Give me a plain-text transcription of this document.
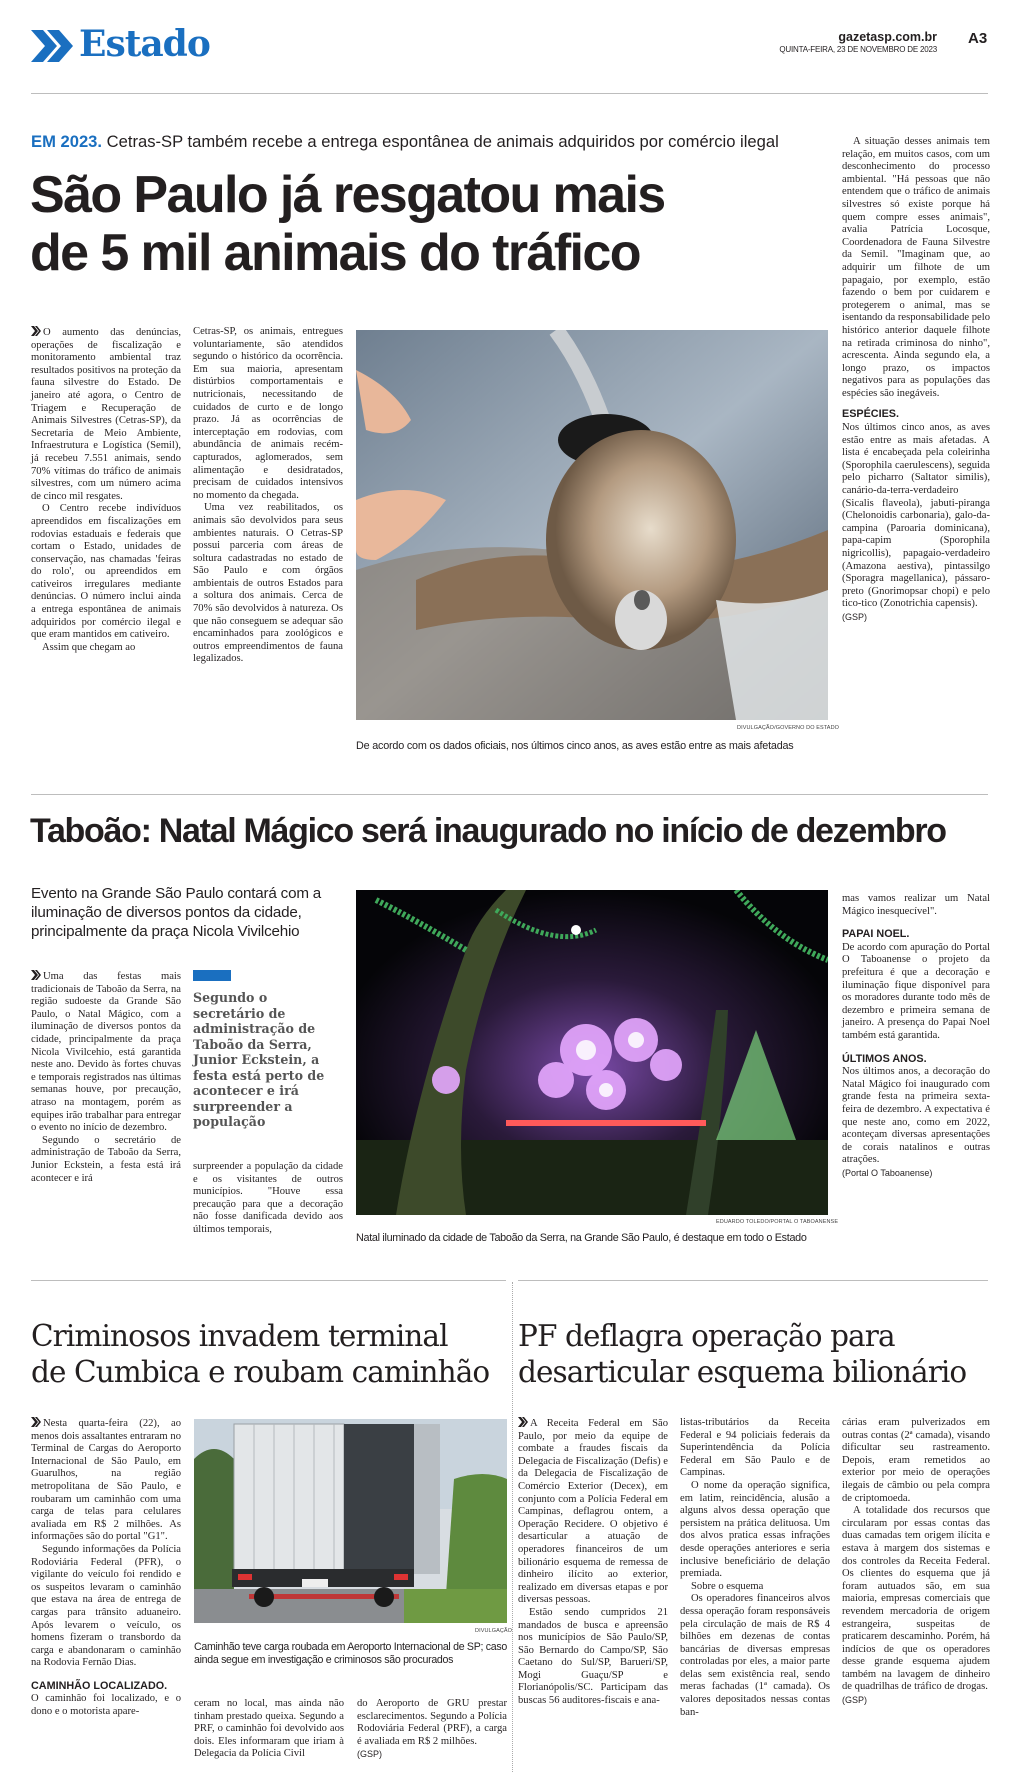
Estado	gazetasp.com.br
QUINTA-FEIRA, 23 DE NOVEMBRO DE 2023
A3
EM 2023. Cetras-SP também recebe a entrega espontânea de animais adquiridos por comércio ilegal
São Paulo já resgatou mais
de 5 mil animais do tráfico

O aumento das denúncias, operações de fiscalização e monitoramento ambiental traz resultados positivos na proteção da fauna silvestre do Estado. De janeiro até agora, o Centro de Triagem e Recuperação de Animais Silvestres (Cetras-SP), da Secretaria de Meio Ambiente, Infraestrutura e Logística (Semil), já recebeu 7.551 animais, sendo 70% vítimas do tráfico de animais silvestres, com um número acima de cinco mil resgates.

O Centro recebe indivíduos apreendidos em fiscalizações em rodovias estaduais e federais que cortam o Estado, unidades de conservação, nas chamadas 'feiras do rolo', ou apreendidos em cativeiros irregulares mediante denúncias. O número inclui ainda a entrega espontânea de animais adquiridos por comércio ilegal e que eram mantidos em cativeiro.

Assim que chegam ao

Cetras-SP, os animais, entregues voluntariamente, são atendidos segundo o histórico da ocorrência. Em sua maioria, apresentam distúrbios comportamentais e nutricionais, necessitando de cuidados de curto e de longo prazo. Já as ocorrências de interceptação em rodovias, com abundância de animais recém-capturados, aglomerados, sem alimentação e desidratados, precisam de cuidados intensivos no momento da chegada.

Uma vez reabilitados, os animais são devolvidos para seus ambientes naturais. O Cetras-SP possui parceria com áreas de soltura cadastradas no estado de São Paulo e com órgãos ambientais de outros Estados para a soltura dos animais. Cerca de 70% são devolvidos à natureza. Os que não conseguem se adequar são encaminhados para zoológicos e outros empreendimentos de fauna legalizados.

DIVULGAÇÃO/GOVERNO DO ESTADO
De acordo com os dados oficiais, nos últimos cinco anos, as aves estão entre as mais afetadas

A situação desses animais tem relação, em muitos casos, com um desconhecimento do processo ambiental. "Há pessoas que não entendem que o tráfico de animais silvestres só existe porque há quem compre esses animais", avalia Patrícia Locosque, Coordenadora de Fauna Silvestre da Semil. "Imaginam que, ao adquirir um filhote de um papagaio, por exemplo, estão fazendo o bem por cuidarem e protegerem o animal, mas se isentando da responsabilidade pelo histórico anterior daquele filhote na retirada criminosa do ninho", acrescenta. Ainda segundo ela, a longo prazo, os impactos negativos para as populações das espécies são inegáveis.

ESPÉCIES.

Nos últimos cinco anos, as aves estão entre as mais afetadas. A lista é encabeçada pela coleirinha (Sporophila caerulescens), seguida pelo picharro (Saltator similis), canário-da-terra-verdadeiro (Sicalis flaveola), jabuti-piranga (Chelonoidis carbonaria), galo-da-campina (Paroaria dominicana), papa-capim (Sporophila nigricollis), papagaio-verdadeiro (Amazona aestiva), pintassilgo (Sporagra magellanica), pássaro-preto (Gnorimopsar chopi) e pelo tico-tico (Zonotrichia capensis).

(GSP)

Taboão: Natal Mágico será inaugurado no início de dezembro
Evento na Grande São Paulo contará com a iluminação de diversos pontos da cidade, principalmente da praça Nicola Vivilcehio

Uma das festas mais tradicionais de Taboão da Serra, na região sudoeste da Grande São Paulo, o Natal Mágico, com a iluminação de diversos pontos da cidade, principalmente da praça Nicola Vivilcehio, está garantida neste ano. Devido às fortes chuvas e temporais registrados nas últimas semanas houve, por precaução, atraso na montagem, porém as equipes irão trabalhar para entregar o evento no início de dezembro.

Segundo o secretário de administração de Taboão da Serra, Junior Eckstein, a festa está irá acontecer e irá

Segundo o secretário de administração de Taboão da Serra, Junior Eckstein, a festa está perto de acontecer e irá surpreender a população

surpreender a população da cidade e os visitantes de outros municípios. "Houve essa precaução para que a decoração não fosse danificada devido aos últimos temporais,

EDUARDO TOLEDO/PORTAL O TABOANENSE
Natal iluminado da cidade de Taboão da Serra, na Grande São Paulo, é destaque em todo o Estado

mas vamos realizar um Natal Mágico inesquecível".

PAPAI NOEL.

De acordo com apuração do Portal O Taboanense o projeto da prefeitura é que a decoração e iluminação fique disponível para os moradores durante todo mês de dezembro e primeira semana de janeiro. A presença do Papai Noel também está garantida.

ÚLTIMOS ANOS.

Nos últimos anos, a decoração do Natal Mágico foi inaugurado com grande festa na primeira sexta-feira de dezembro. A expectativa é que neste ano, como em 2022, aconteçam diversas apresentações de corais natalinos e outras atrações.

(Portal O Taboanense)

Criminosos invadem terminal
de Cumbica e roubam caminhão

Nesta quarta-feira (22), ao menos dois assaltantes entraram no Terminal de Cargas do Aeroporto Internacional de São Paulo, em Guarulhos, na região metropolitana de São Paulo, e roubaram um caminhão com uma carga de telas para celulares avaliada em R$ 2 milhões. As informações são do portal "G1".

Segundo informações da Polícia Rodoviária Federal (PFR), o vigilante do veículo foi rendido e os suspeitos levaram o caminhão que estava na área de entrega de cargas para trânsito aduaneiro. Após levarem o veículo, os homens fizeram o transbordo da carga e abandonaram o caminhão na Rodovia Fernão Dias.

CAMINHÃO LOCALIZADO.

O caminhão foi localizado, e o dono e o motorista apare-

DIVULGAÇÃO
Caminhão teve carga roubada em Aeroporto Internacional de SP; caso ainda segue em investigação e criminosos são procurados

ceram no local, mas ainda não tinham prestado queixa. Segundo a PRF, o caminhão foi devolvido aos dois. Eles informaram que iriam à Delegacia da Polícia Civil

do Aeroporto de GRU prestar esclarecimentos. Segundo a Polícia Rodoviária Federal (PRF), a carga é avaliada em R$ 2 milhões.

(GSP)

PF deflagra operação para
desarticular esquema bilionário

A Receita Federal em São Paulo, por meio da equipe de combate a fraudes fiscais da Delegacia de Fiscalização (Defis) e da Delegacia de Fiscalização de Comércio Exterior (Decex), em conjunto com a Polícia Federal em Campinas, deflagrou ontem, a Operação Recidere. O objetivo é desarticular a atuação de operadores financeiros de um bilionário esquema de remessa de dinheiro ilícito ao exterior, realizado em diversas etapas e por diversas pessoas.

Estão sendo cumpridos 21 mandados de busca e apreensão nos municípios de São Paulo/SP, São Bernardo do Campo/SP, São Caetano do Sul/SP, Barueri/SP, Mogi Guaçu/SP e Florianópolis/SC. Participam das buscas 56 auditores-fiscais e ana-

listas-tributários da Receita Federal e 94 policiais federais da Superintendência da Polícia Federal em São Paulo e de Campinas.

O nome da operação significa, em latim, reincidência, alusão a alguns alvos dessa operação que persistem na prática delituosa. Um dos alvos pratica essas infrações desde operações anteriores e seria inclusive beneficiário de delação premiada.

Sobre o esquema

Os operadores financeiros alvos dessa operação foram responsáveis pela circulação de mais de R$ 4 bilhões em dezenas de contas bancárias de diversas empresas controladas por eles, a maior parte delas sem existência real, sendo meras fachadas (1ª camada). Os valores depositados nessas contas ban-

cárias eram pulverizados em outras contas (2ª camada), visando dificultar seu rastreamento. Depois, eram remetidos ao exterior por meio de operações ilegais de câmbio ou pela compra de criptomoeda.

A totalidade dos recursos que circularam por essas contas das duas camadas tem origem ilícita e estava à margem dos sistemas e dos controles da Receita Federal. Os clientes do esquema que já foram autuados são, em sua maioria, empresas comerciais que revendem mercadoria de origem estrangeira, suspeitas de praticarem descaminho. Porém, há indícios de que os operadores desse grande esquema ajudem também na lavagem de dinheiro de quadrilhas de tráfico de drogas.

(GSP)
